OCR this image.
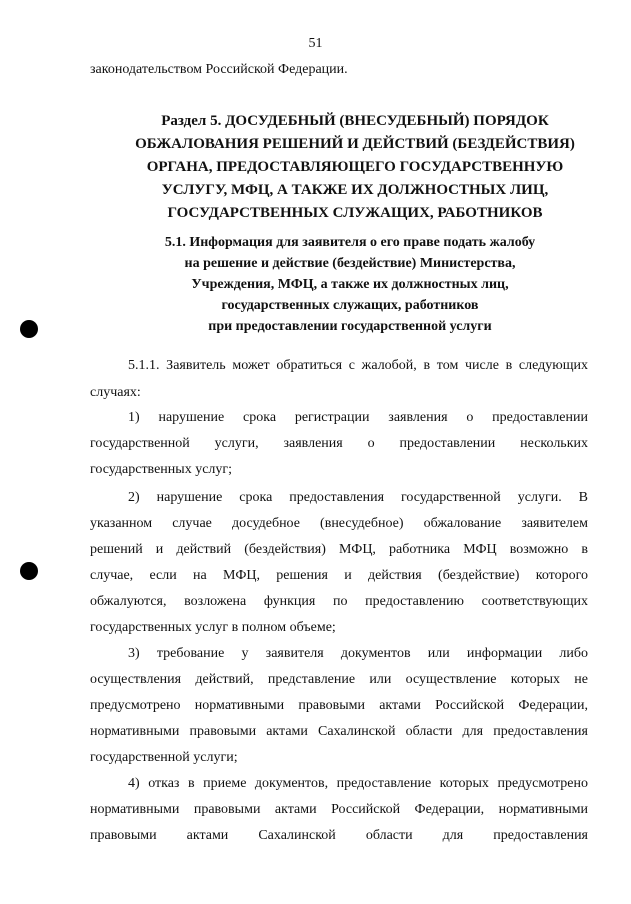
51
законодательством Российской Федерации.
Раздел 5. ДОСУДЕБНЫЙ (ВНЕСУДЕБНЫЙ) ПОРЯДОК
ОБЖАЛОВАНИЯ РЕШЕНИЙ И ДЕЙСТВИЙ (БЕЗДЕЙСТВИЯ)
ОРГАНА, ПРЕДОСТАВЛЯЮЩЕГО ГОСУДАРСТВЕННУЮ
УСЛУГУ, МФЦ, А ТАКЖЕ ИХ ДОЛЖНОСТНЫХ ЛИЦ,
ГОСУДАРСТВЕННЫХ СЛУЖАЩИХ, РАБОТНИКОВ
5.1. Информация для заявителя о его праве подать жалобу
на решение и действие (бездействие) Министерства,
Учреждения, МФЦ, а также их должностных лиц,
государственных служащих, работников
при предоставлении государственной услуги
5.1.1. Заявитель может обратиться с жалобой, в том числе в следующих
случаях:
1) нарушение срока регистрации заявления о предоставлении
государственной услуги, заявления о предоставлении нескольких
государственных услуг;
2) нарушение срока предоставления государственной услуги. В
указанном случае досудебное (внесудебное) обжалование заявителем
решений и действий (бездействия) МФЦ, работника МФЦ возможно в
случае, если на МФЦ, решения и действия (бездействие) которого
обжалуются, возложена функция по предоставлению соответствующих
государственных услуг в полном объеме;
3) требование у заявителя документов или информации либо
осуществления действий, представление или осуществление которых не
предусмотрено нормативными правовыми актами Российской Федерации,
нормативными правовыми актами Сахалинской области для предоставления
государственной услуги;
4) отказ в приеме документов, предоставление которых предусмотрено
нормативными правовыми актами Российской Федерации, нормативными
правовыми актами Сахалинской области для предоставления
